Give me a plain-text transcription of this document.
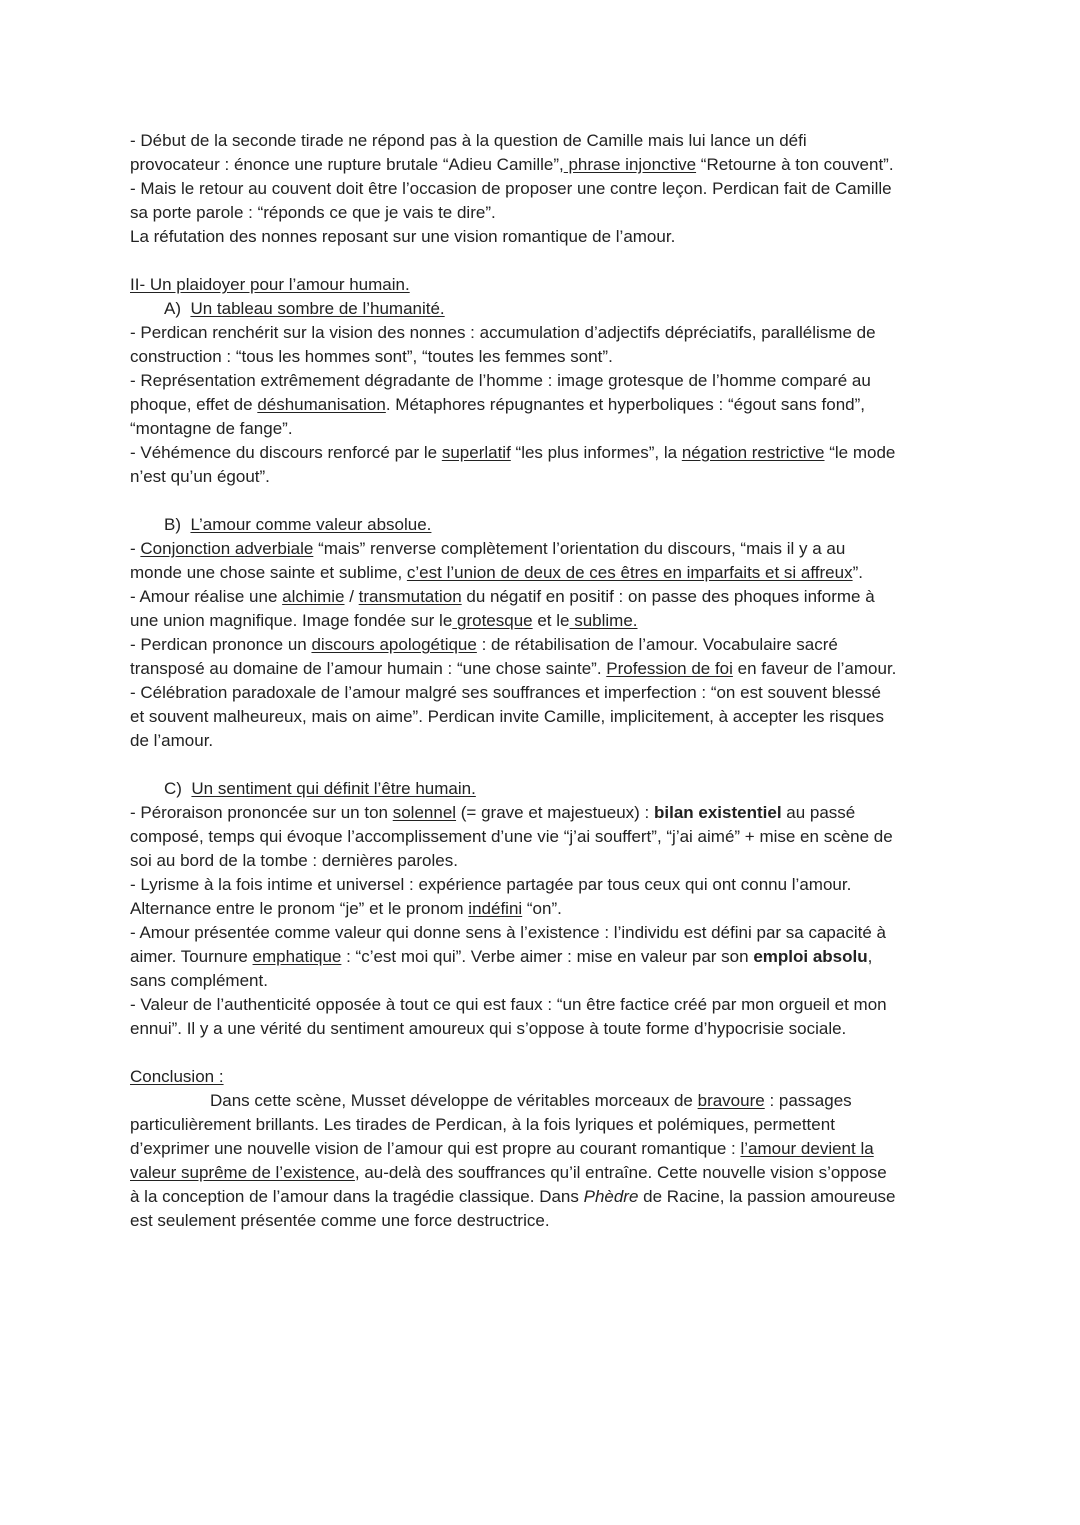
- Début de la seconde tirade ne répond pas à la question de Camille mais lui lance un défi
provocateur : énonce une rupture brutale “Adieu Camille”, phrase injonctive “Retourne à ton couvent”.
- Mais le retour au couvent doit être l’occasion de proposer une contre leçon. Perdican fait de Camille
sa porte parole : “réponds ce que je vais te dire”.
La réfutation des nonnes reposant sur une vision romantique de l’amour.
II- Un plaidoyer pour l’amour humain.
A) Un tableau sombre de l’humanité.
- Perdican renchérit sur la vision des nonnes : accumulation d’adjectifs dépréciatifs, parallélisme de
construction : “tous les hommes sont”, “toutes les femmes sont”.
- Représentation extrêmement dégradante de l’homme : image grotesque de l’homme comparé au
phoque, effet de déshumanisation. Métaphores répugnantes et hyperboliques : “égout sans fond”,
“montagne de fange”.
- Véhémence du discours renforcé par le superlatif “les plus informes”, la négation restrictive “le mode
n’est qu’un égout”.
B) L’amour comme valeur absolue.
- Conjonction adverbiale “mais” renverse complètement l’orientation du discours, “mais il y a au
monde une chose sainte et sublime, c’est l’union de deux de ces êtres en imparfaits et si affreux”.
- Amour réalise une alchimie / transmutation du négatif en positif : on passe des phoques informe à
une union magnifique. Image fondée sur le grotesque et le sublime.
- Perdican prononce un discours apologétique : de rétabilisation de l’amour. Vocabulaire sacré
transposé au domaine de l’amour humain : “une chose sainte”. Profession de foi en faveur de l’amour.
- Célébration paradoxale de l’amour malgré ses souffrances et imperfection : “on est souvent blessé
et souvent malheureux, mais on aime”. Perdican invite Camille, implicitement, à accepter les risques
de l’amour.
C) Un sentiment qui définit l’être humain.
- Péroraison prononcée sur un ton solennel (= grave et majestueux) : bilan existentiel au passé
composé, temps qui évoque l’accomplissement d’une vie “j’ai souffert”, “j’ai aimé” + mise en scène de
soi au bord de la tombe : dernières paroles.
- Lyrisme à la fois intime et universel : expérience partagée par tous ceux qui ont connu l’amour.
Alternance entre le pronom “je” et le pronom indéfini “on”.
- Amour présentée comme valeur qui donne sens à l’existence : l’individu est défini par sa capacité à
aimer. Tournure emphatique : “c’est moi qui”. Verbe aimer : mise en valeur par son emploi absolu,
sans complément.
- Valeur de l’authenticité opposée à tout ce qui est faux : “un être factice créé par mon orgueil et mon
ennui”. Il y a une vérité du sentiment amoureux qui s’oppose à toute forme d’hypocrisie sociale.
Conclusion :
Dans cette scène, Musset développe de véritables morceaux de bravoure : passages
particulièrement brillants. Les tirades de Perdican, à la fois lyriques et polémiques, permettent
d’exprimer une nouvelle vision de l’amour qui est propre au courant romantique : l’amour devient la
valeur suprême de l’existence, au-delà des souffrances qu’il entraîne. Cette nouvelle vision s’oppose
à la conception de l’amour dans la tragédie classique. Dans Phèdre de Racine, la passion amoureuse
est seulement présentée comme une force destructrice.
